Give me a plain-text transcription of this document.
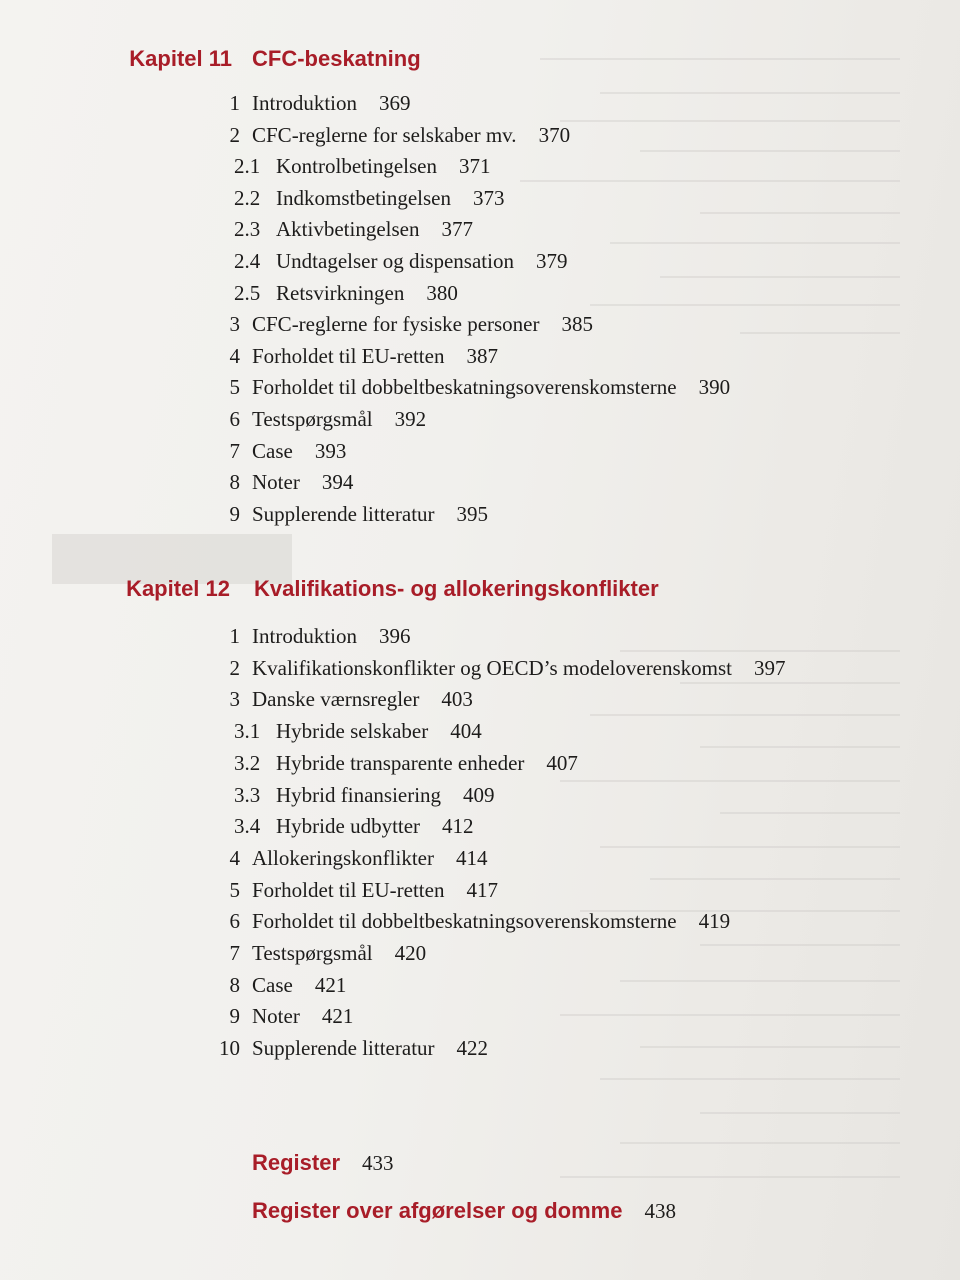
Kapitel 11 CFC-beskatning
1 Introduktion 369
2 CFC-reglerne for selskaber mv. 370
2.1 Kontrolbetingelsen 371
2.2 Indkomstbetingelsen 373
2.3 Aktivbetingelsen 377
2.4 Undtagelser og dispensation 379
2.5 Retsvirkningen 380
3 CFC-reglerne for fysiske personer 385
4 Forholdet til EU-retten 387
5 Forholdet til dobbeltbeskatningsoverenskomsterne 390
6 Testspørgsmål 392
7 Case 393
8 Noter 394
9 Supplerende litteratur 395
Kapitel 12 Kvalifikations- og allokeringskonflikter
1 Introduktion 396
2 Kvalifikationskonflikter og OECD’s modeloverenskomst 397
3 Danske værnsregler 403
3.1 Hybride selskaber 404
3.2 Hybride transparente enheder 407
3.3 Hybrid finansiering 409
3.4 Hybride udbytter 412
4 Allokeringskonflikter 414
5 Forholdet til EU-retten 417
6 Forholdet til dobbeltbeskatningsoverenskomsterne 419
7 Testspørgsmål 420
8 Case 421
9 Noter 421
10 Supplerende litteratur 422
Register 433
Register over afgørelser og domme 438
